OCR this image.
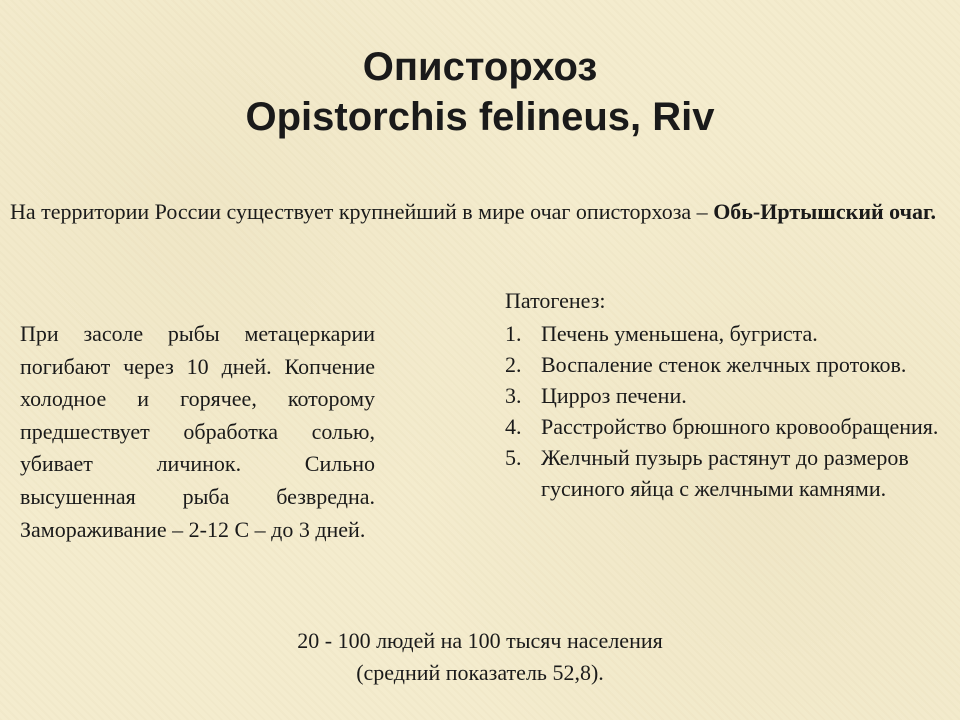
Описторхоз
Opistorchis felineus, Riv
На территории России существует крупнейший в мире очаг описторхоза – Обь-Иртышский очаг.
При засоле рыбы метацеркарии погибают через 10 дней. Копчение холодное и горячее, которому предшествует обработка солью, убивает личинок. Сильно высушенная рыба безвредна. Замораживание – 2-12 С – до 3 дней.
Патогенез:
1. Печень уменьшена, бугриста.
2. Воспаление стенок желчных протоков.
3. Цирроз печени.
4. Расстройство брюшного кровообращения.
5. Желчный пузырь растянут до размеров гусиного яйца с желчными камнями.
20 - 100 людей на 100 тысяч населения
(средний показатель 52,8).
